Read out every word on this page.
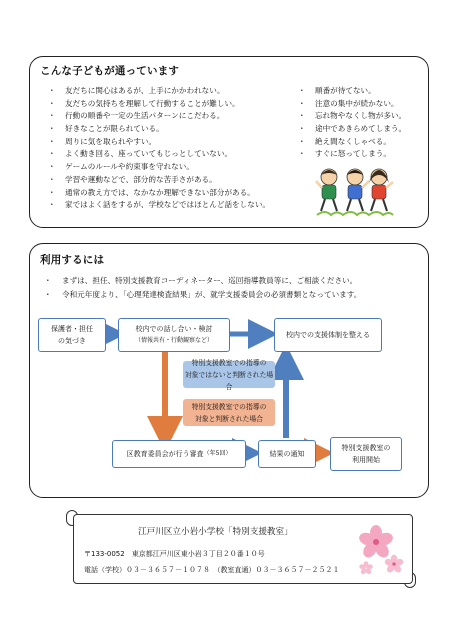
こんな子どもが通っています
・ 友だちに関心はあるが、上手にかかわれない。
・ 友だちの気持ちを理解して行動することが難しい。
・ 行動の順番や一定の生活パターンにこだわる。
・ 好きなことが限られている。
・ 周りに気を取られやすい。
・ よく動き回る、座っていてもじっとしていない。
・ ゲームのルールや約束事を守れない。
・ 学習や運動などで、部分的な苦手さがある。
・ 通常の教え方では、なかなか理解できない部分がある。
・ 家ではよく話をするが、学校などではほとんど話をしない。
・ 順番が待てない。
・ 注意の集中が続かない。
・ 忘れ物やなくし物が多い。
・ 途中であきらめてしまう。
・ 絶え間なくしゃべる。
・ すぐに怒ってしまう。
利用するには
・ まずは、担任、特別支援教育コーディネーター、巡回指導教員等に、ご相談ください。
・ 令和元年度より、「心理発達検査結果」が、就学支援委員会の必須書類となっています。
保護者・担任
の気づき
校内での話し合い・検討
（情報共有・行動観察など）
校内での支援体制を整える
特別支援教室での指導の
対象ではないと判断された場合
特別支援教室での指導の
対象と判断された場合
区教育委員会が行う審査 （年5回）	結果の通知
特別支援教室の
利用開始
江戸川区立小岩小学校「特別支援教室」
〒133-0052　東京都江戸川区東小岩３丁目２０番１０号
電話（学校）０３－３６５７－１０７８　（教室直通）０３－３６５７－２５２１
